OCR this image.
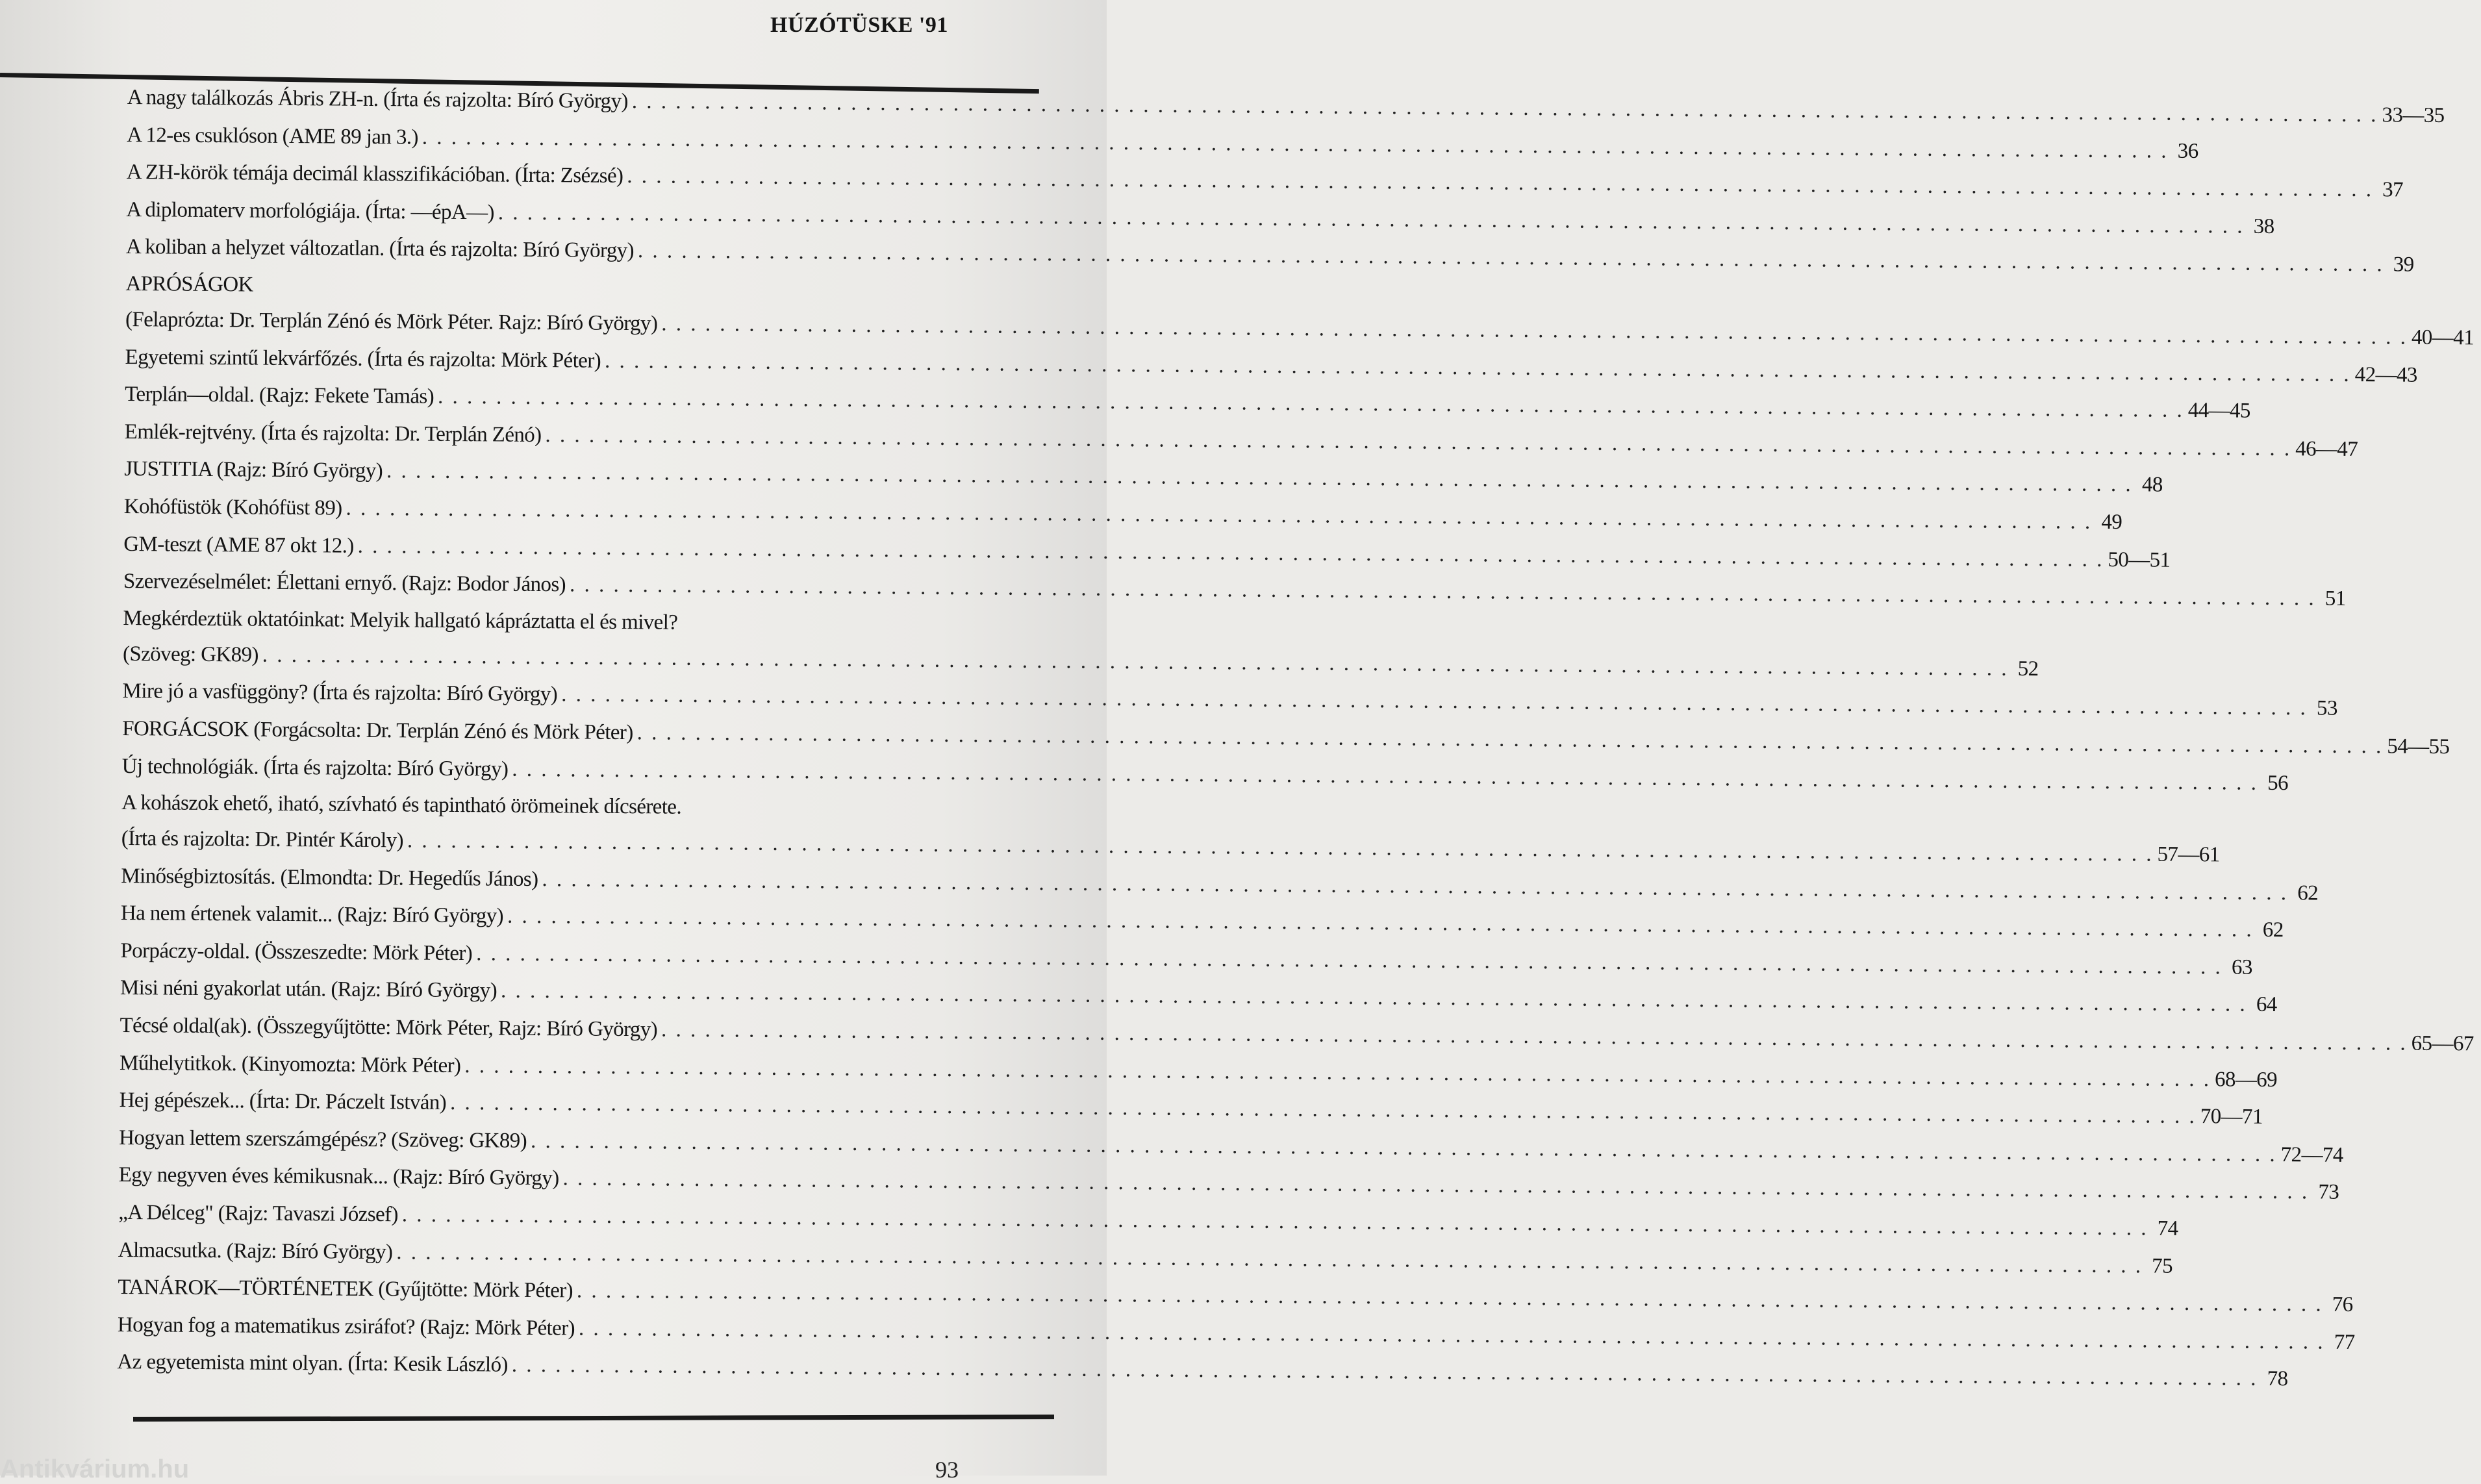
HÚZÓTÜSKE '91
A nagy találkozás Ábris ZH-n. (Írta és rajzolta: Bíró György) . . . . . . . . . . . . . . . . . . . . . . . . . . . . . . . . . . . . . . . . . . . . . . . . . . . . . . . . . . . . . . . . . . . . . . . . . . . . . . . . . . . . . . . . . . . . . . . . . . . . . . . . . . . . . . . . . . . . . . . . 33—35
A 12-es csuklóson (AME 89 jan 3.) . . . . . . . . . . . . . . . . . . . . . . . . . . . . . . . . . . . . . . . . . . . . . . . . . . . . . . . . . . . . . . . . . . . . . . . . . . . . . . . . . . . . . . . . . . . . . . . . . . . . . . . . . . . . . . . . . . . . . . . . 36
A ZH-körök témája decimál klasszifikációban. (Írta: Zsézsé) . . . . . . . . . . . . . . . . . . . . . . . . . . . . . . . . . . . . . . . . . . . . . . . . . . . . . . . . . . . . . . . . . . . . . . . . . . . . . . . . . . . . . . . . . . . . . . . . . . . . . . . . . . . . . . . . . . . . . . . . 37
A diplomaterv morfológiája. (Írta: —épA—) . . . . . . . . . . . . . . . . . . . . . . . . . . . . . . . . . . . . . . . . . . . . . . . . . . . . . . . . . . . . . . . . . . . . . . . . . . . . . . . . . . . . . . . . . . . . . . . . . . . . . . . . . . . . . . . . . . . . . . . . 38
A koliban a helyzet változatlan. (Írta és rajzolta: Bíró György) . . . . . . . . . . . . . . . . . . . . . . . . . . . . . . . . . . . . . . . . . . . . . . . . . . . . . . . . . . . . . . . . . . . . . . . . . . . . . . . . . . . . . . . . . . . . . . . . . . . . . . . . . . . . . . . . . . . . . . . . 39
APRÓSÁGOK
(Felaprózta: Dr. Terplán Zénó és Mörk Péter. Rajz: Bíró György) . . . . . . . . . . . . . . . . . . . . . . . . . . . . . . . . . . . . . . . . . . . . . . . . . . . . . . . . . . . . . . . . . . . . . . . . . . . . . . . . . . . . . . . . . . . . . . . . . . . . . . . . . . . . . . . . . . . . . . . . 40—41
Egyetemi szintű lekvárfőzés. (Írta és rajzolta: Mörk Péter) . . . . . . . . . . . . . . . . . . . . . . . . . . . . . . . . . . . . . . . . . . . . . . . . . . . . . . . . . . . . . . . . . . . . . . . . . . . . . . . . . . . . . . . . . . . . . . . . . . . . . . . . . . . . . . . . . . . . . . . . 42—43
Terplán—oldal. (Rajz: Fekete Tamás) . . . . . . . . . . . . . . . . . . . . . . . . . . . . . . . . . . . . . . . . . . . . . . . . . . . . . . . . . . . . . . . . . . . . . . . . . . . . . . . . . . . . . . . . . . . . . . . . . . . . . . . . . . . . . . . . . . . . . . . . 44—45
Emlék-rejtvény. (Írta és rajzolta: Dr. Terplán Zénó) . . . . . . . . . . . . . . . . . . . . . . . . . . . . . . . . . . . . . . . . . . . . . . . . . . . . . . . . . . . . . . . . . . . . . . . . . . . . . . . . . . . . . . . . . . . . . . . . . . . . . . . . . . . . . . . . . . . . . . . . 46—47
JUSTITIA (Rajz: Bíró György) . . . . . . . . . . . . . . . . . . . . . . . . . . . . . . . . . . . . . . . . . . . . . . . . . . . . . . . . . . . . . . . . . . . . . . . . . . . . . . . . . . . . . . . . . . . . . . . . . . . . . . . . . . . . . . . . . . . . . . . . 48
Kohófüstök (Kohófüst 89) . . . . . . . . . . . . . . . . . . . . . . . . . . . . . . . . . . . . . . . . . . . . . . . . . . . . . . . . . . . . . . . . . . . . . . . . . . . . . . . . . . . . . . . . . . . . . . . . . . . . . . . . . . . . . . . . . . . . . . . . 49
GM-teszt (AME 87 okt 12.) . . . . . . . . . . . . . . . . . . . . . . . . . . . . . . . . . . . . . . . . . . . . . . . . . . . . . . . . . . . . . . . . . . . . . . . . . . . . . . . . . . . . . . . . . . . . . . . . . . . . . . . . . . . . . . . . . . . . . . . . 50—51
Szervezéselmélet: Élettani ernyő. (Rajz: Bodor János) . . . . . . . . . . . . . . . . . . . . . . . . . . . . . . . . . . . . . . . . . . . . . . . . . . . . . . . . . . . . . . . . . . . . . . . . . . . . . . . . . . . . . . . . . . . . . . . . . . . . . . . . . . . . . . . . . . . . . . . . 51
Megkérdeztük oktatóinkat: Melyik hallgató kápráztatta el és mivel?
(Szöveg: GK89) . . . . . . . . . . . . . . . . . . . . . . . . . . . . . . . . . . . . . . . . . . . . . . . . . . . . . . . . . . . . . . . . . . . . . . . . . . . . . . . . . . . . . . . . . . . . . . . . . . . . . . . . . . . . . . . . . . . . . . . . 52
Mire jó a vasfüggöny? (Írta és rajzolta: Bíró György) . . . . . . . . . . . . . . . . . . . . . . . . . . . . . . . . . . . . . . . . . . . . . . . . . . . . . . . . . . . . . . . . . . . . . . . . . . . . . . . . . . . . . . . . . . . . . . . . . . . . . . . . . . . . . . . . . . . . . . . . 53
FORGÁCSOK (Forgácsolta: Dr. Terplán Zénó és Mörk Péter) . . . . . . . . . . . . . . . . . . . . . . . . . . . . . . . . . . . . . . . . . . . . . . . . . . . . . . . . . . . . . . . . . . . . . . . . . . . . . . . . . . . . . . . . . . . . . . . . . . . . . . . . . . . . . . . . . . . . . . . . 54—55
Új technológiák. (Írta és rajzolta: Bíró György) . . . . . . . . . . . . . . . . . . . . . . . . . . . . . . . . . . . . . . . . . . . . . . . . . . . . . . . . . . . . . . . . . . . . . . . . . . . . . . . . . . . . . . . . . . . . . . . . . . . . . . . . . . . . . . . . . . . . . . . . 56
A kohászok ehető, iható, szívható és tapintható örömeinek dícsérete.
(Írta és rajzolta: Dr. Pintér Károly) . . . . . . . . . . . . . . . . . . . . . . . . . . . . . . . . . . . . . . . . . . . . . . . . . . . . . . . . . . . . . . . . . . . . . . . . . . . . . . . . . . . . . . . . . . . . . . . . . . . . . . . . . . . . . . . . . . . . . . . . 57—61
Minőségbiztosítás. (Elmondta: Dr. Hegedűs János) . . . . . . . . . . . . . . . . . . . . . . . . . . . . . . . . . . . . . . . . . . . . . . . . . . . . . . . . . . . . . . . . . . . . . . . . . . . . . . . . . . . . . . . . . . . . . . . . . . . . . . . . . . . . . . . . . . . . . . . . 62
Ha nem értenek valamit... (Rajz: Bíró György) . . . . . . . . . . . . . . . . . . . . . . . . . . . . . . . . . . . . . . . . . . . . . . . . . . . . . . . . . . . . . . . . . . . . . . . . . . . . . . . . . . . . . . . . . . . . . . . . . . . . . . . . . . . . . . . . . . . . . . . . 62
Porpáczy-oldal. (Összeszedte: Mörk Péter) . . . . . . . . . . . . . . . . . . . . . . . . . . . . . . . . . . . . . . . . . . . . . . . . . . . . . . . . . . . . . . . . . . . . . . . . . . . . . . . . . . . . . . . . . . . . . . . . . . . . . . . . . . . . . . . . . . . . . . . . 63
Misi néni gyakorlat után. (Rajz: Bíró György) . . . . . . . . . . . . . . . . . . . . . . . . . . . . . . . . . . . . . . . . . . . . . . . . . . . . . . . . . . . . . . . . . . . . . . . . . . . . . . . . . . . . . . . . . . . . . . . . . . . . . . . . . . . . . . . . . . . . . . . . 64
Técsé oldal(ak). (Összegyűjtötte: Mörk Péter, Rajz: Bíró György) . . . . . . . . . . . . . . . . . . . . . . . . . . . . . . . . . . . . . . . . . . . . . . . . . . . . . . . . . . . . . . . . . . . . . . . . . . . . . . . . . . . . . . . . . . . . . . . . . . . . . . . . . . . . . . . . . . . . . . . . 65—67
Műhelytitkok. (Kinyomozta: Mörk Péter) . . . . . . . . . . . . . . . . . . . . . . . . . . . . . . . . . . . . . . . . . . . . . . . . . . . . . . . . . . . . . . . . . . . . . . . . . . . . . . . . . . . . . . . . . . . . . . . . . . . . . . . . . . . . . . . . . . . . . . . . 68—69
Hej gépészek... (Írta: Dr. Páczelt István) . . . . . . . . . . . . . . . . . . . . . . . . . . . . . . . . . . . . . . . . . . . . . . . . . . . . . . . . . . . . . . . . . . . . . . . . . . . . . . . . . . . . . . . . . . . . . . . . . . . . . . . . . . . . . . . . . . . . . . . . 70—71
Hogyan lettem szerszámgépész? (Szöveg: GK89) . . . . . . . . . . . . . . . . . . . . . . . . . . . . . . . . . . . . . . . . . . . . . . . . . . . . . . . . . . . . . . . . . . . . . . . . . . . . . . . . . . . . . . . . . . . . . . . . . . . . . . . . . . . . . . . . . . . . . . . . 72—74
Egy negyven éves kémikusnak... (Rajz: Bíró György) . . . . . . . . . . . . . . . . . . . . . . . . . . . . . . . . . . . . . . . . . . . . . . . . . . . . . . . . . . . . . . . . . . . . . . . . . . . . . . . . . . . . . . . . . . . . . . . . . . . . . . . . . . . . . . . . . . . . . . . . 73
„A Délceg" (Rajz: Tavaszi József) . . . . . . . . . . . . . . . . . . . . . . . . . . . . . . . . . . . . . . . . . . . . . . . . . . . . . . . . . . . . . . . . . . . . . . . . . . . . . . . . . . . . . . . . . . . . . . . . . . . . . . . . . . . . . . . . . . . . . . . . 74
Almacsutka. (Rajz: Bíró György) . . . . . . . . . . . . . . . . . . . . . . . . . . . . . . . . . . . . . . . . . . . . . . . . . . . . . . . . . . . . . . . . . . . . . . . . . . . . . . . . . . . . . . . . . . . . . . . . . . . . . . . . . . . . . . . . . . . . . . . . 75
TANÁROK—TÖRTÉNETEK (Gyűjtötte: Mörk Péter) . . . . . . . . . . . . . . . . . . . . . . . . . . . . . . . . . . . . . . . . . . . . . . . . . . . . . . . . . . . . . . . . . . . . . . . . . . . . . . . . . . . . . . . . . . . . . . . . . . . . . . . . . . . . . . . . . . . . . . . . 76
Hogyan fog a matematikus zsiráfot? (Rajz: Mörk Péter) . . . . . . . . . . . . . . . . . . . . . . . . . . . . . . . . . . . . . . . . . . . . . . . . . . . . . . . . . . . . . . . . . . . . . . . . . . . . . . . . . . . . . . . . . . . . . . . . . . . . . . . . . . . . . . . . . . . . . . . . 77
Az egyetemista mint olyan. (Írta: Kesik László) . . . . . . . . . . . . . . . . . . . . . . . . . . . . . . . . . . . . . . . . . . . . . . . . . . . . . . . . . . . . . . . . . . . . . . . . . . . . . . . . . . . . . . . . . . . . . . . . . . . . . . . . . . . . . . . . . . . . . . . . 78
Antikvárium.hu	93
